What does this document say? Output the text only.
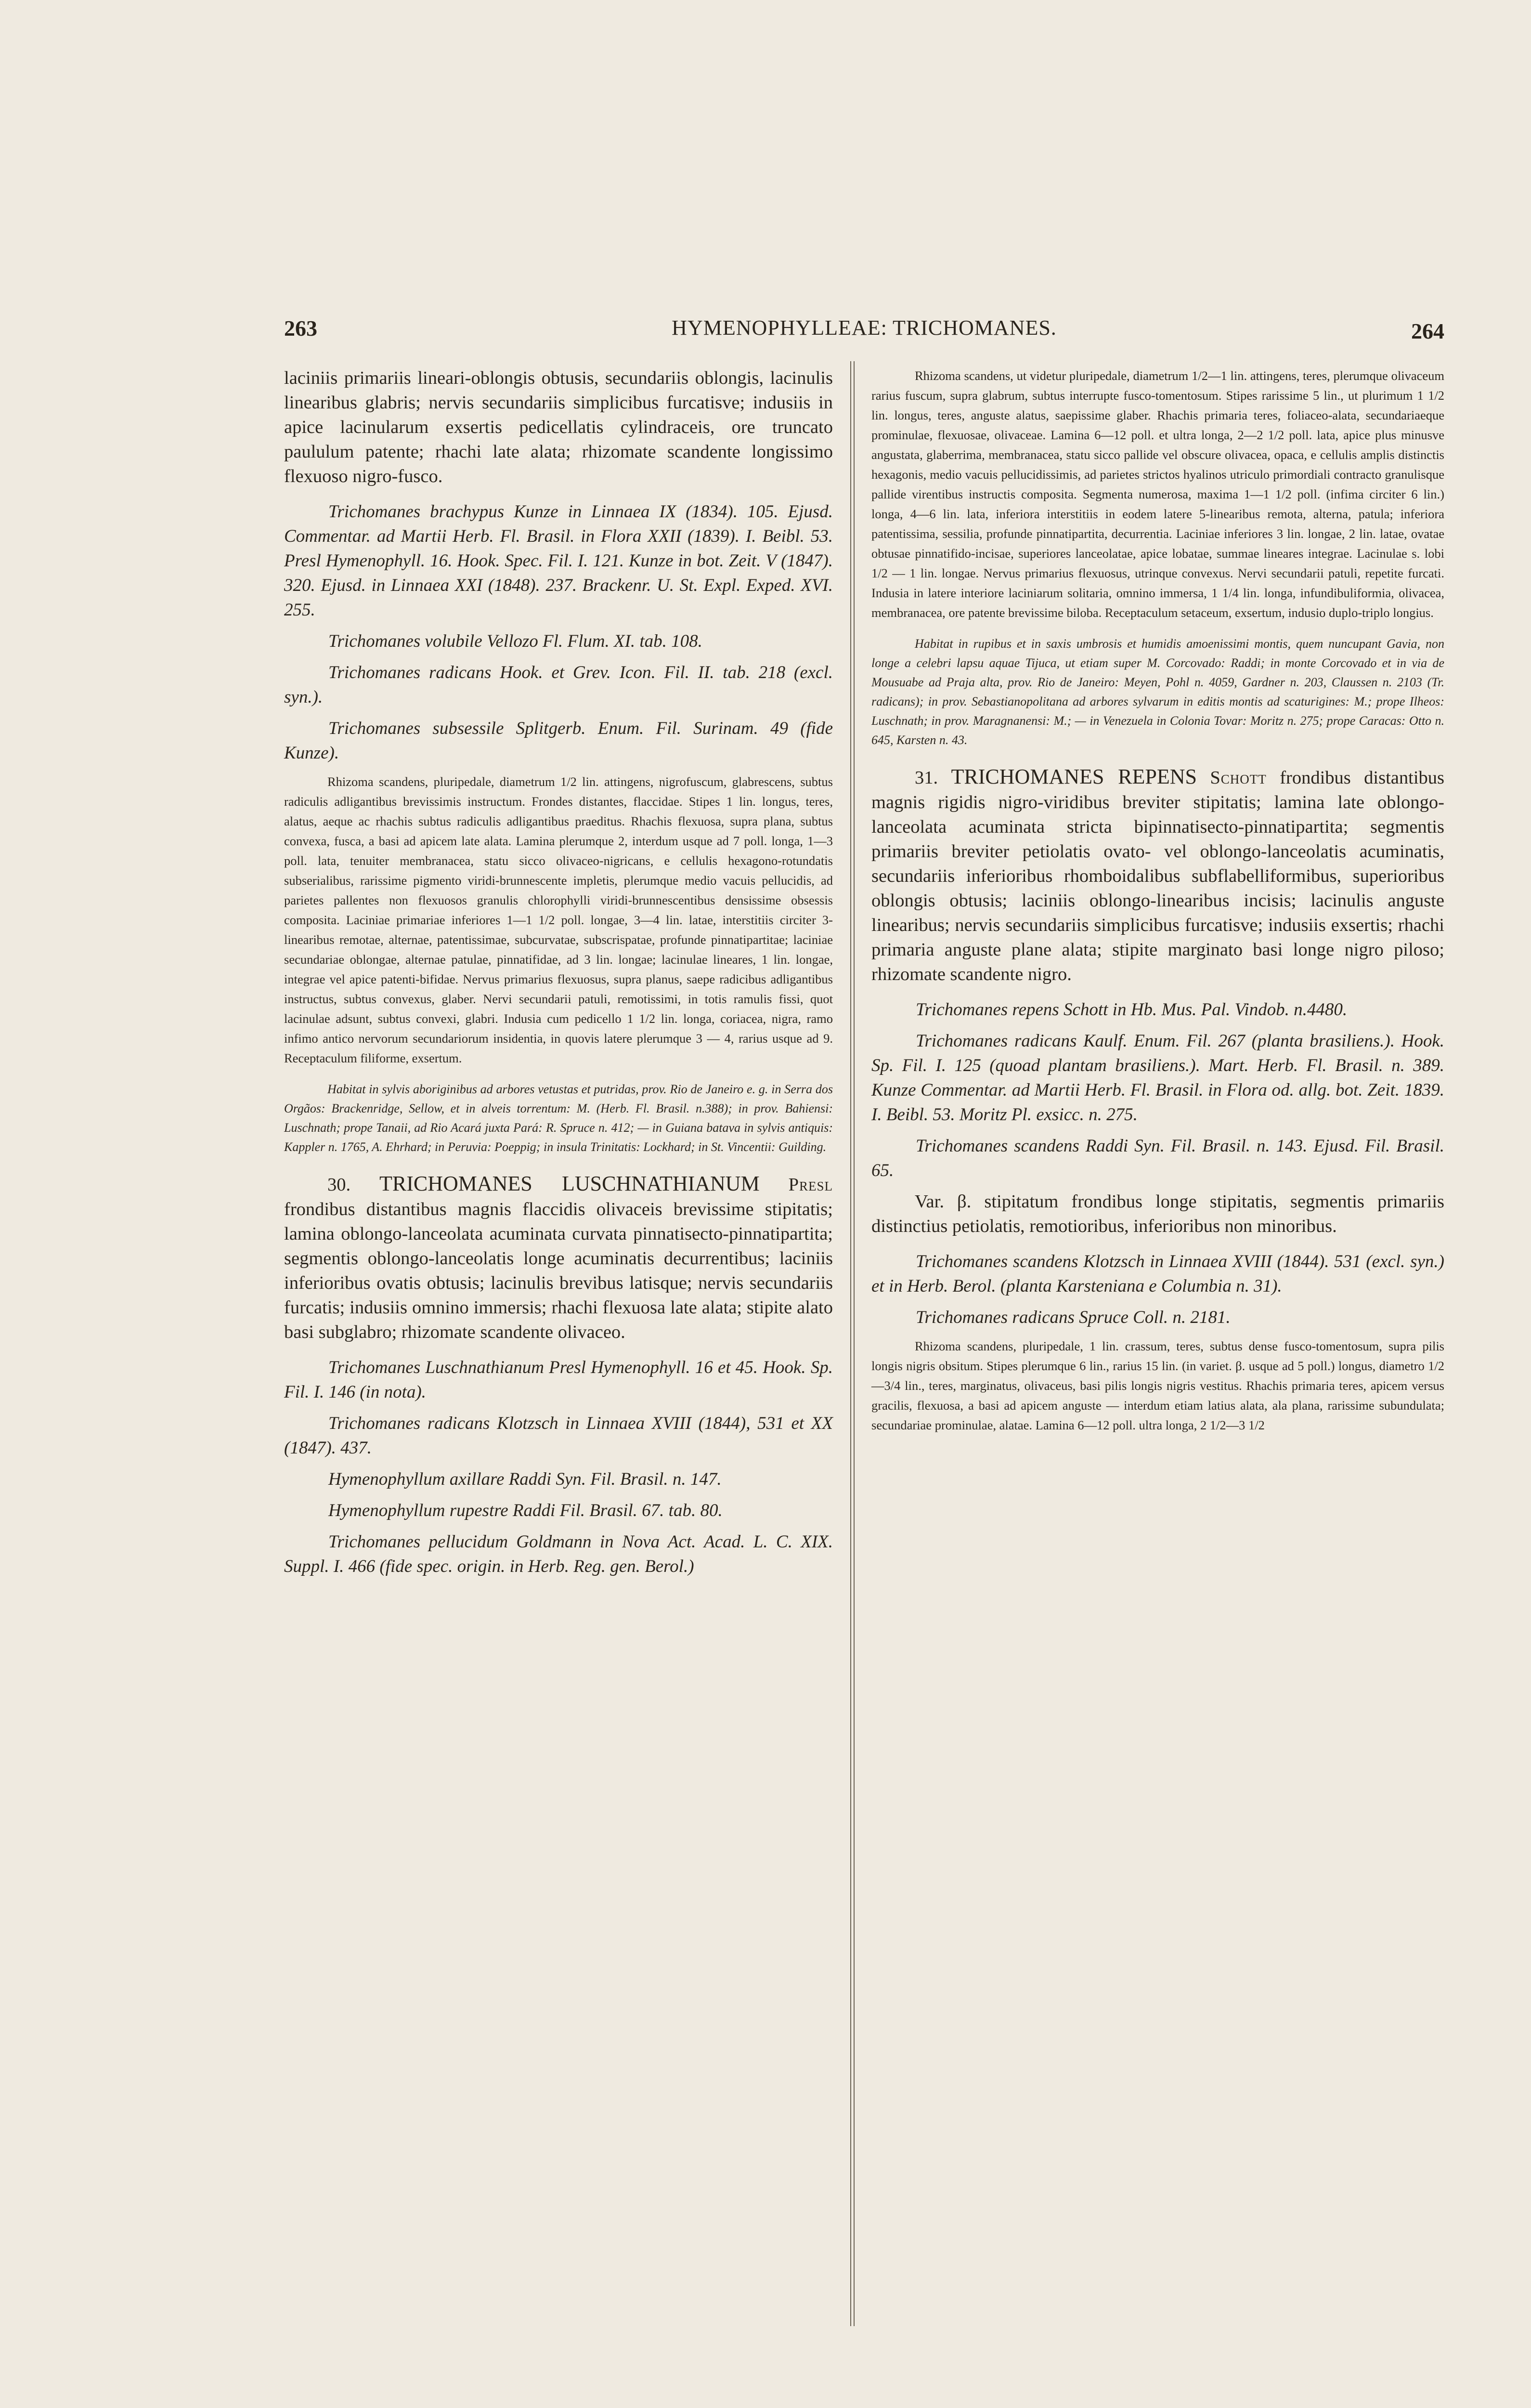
263	HYMENOPHYLLEAE: TRICHOMANES.	264

laciniis primariis lineari-oblongis obtusis, secundariis oblongis, lacinulis linearibus glabris; nervis secundariis simplicibus furcatisve; indusiis in apice lacinularum exsertis pedicellatis cylindraceis, ore truncato paululum patente; rhachi late alata; rhizomate scandente longissimo flexuoso nigro-fusco.

Trichomanes brachypus Kunze in Linnaea IX (1834). 105. Ejusd. Commentar. ad Martii Herb. Fl. Brasil. in Flora XXII (1839). I. Beibl. 53. Presl Hymenophyll. 16. Hook. Spec. Fil. I. 121. Kunze in bot. Zeit. V (1847). 320. Ejusd. in Linnaea XXI (1848). 237. Brackenr. U. St. Expl. Exped. XVI. 255.

Trichomanes volubile Vellozo Fl. Flum. XI. tab. 108.

Trichomanes radicans Hook. et Grev. Icon. Fil. II. tab. 218 (excl. syn.).

Trichomanes subsessile Splitgerb. Enum. Fil. Surinam. 49 (fide Kunze).

Rhizoma scandens, pluripedale, diametrum 1/2 lin. attingens, nigrofuscum, glabrescens, subtus radiculis adligantibus brevissimis instructum. Frondes distantes, flaccidae. Stipes 1 lin. longus, teres, alatus, aeque ac rhachis subtus radiculis adligantibus praeditus. Rhachis flexuosa, supra plana, subtus convexa, fusca, a basi ad apicem late alata. Lamina plerumque 2, interdum usque ad 7 poll. longa, 1—3 poll. lata, tenuiter membranacea, statu sicco olivaceo-nigricans, e cellulis hexagono-rotundatis subserialibus, rarissime pigmento viridi-brunnescente impletis, plerumque medio vacuis pellucidis, ad parietes pallentes non flexuosos granulis chlorophylli viridi-brunnescentibus densissime obsessis composita. Laciniae primariae inferiores 1—1 1/2 poll. longae, 3—4 lin. latae, interstitiis circiter 3-linearibus remotae, alternae, patentissimae, subcurvatae, subscrispatae, profunde pinnatipartitae; laciniae secundariae oblongae, alternae patulae, pinnatifidae, ad 3 lin. longae; lacinulae lineares, 1 lin. longae, integrae vel apice patenti-bifidae. Nervus primarius flexuosus, supra planus, saepe radicibus adligantibus instructus, subtus convexus, glaber. Nervi secundarii patuli, remotissimi, in totis ramulis fissi, quot lacinulae adsunt, subtus convexi, glabri. Indusia cum pedicello 1 1/2 lin. longa, coriacea, nigra, ramo infimo antico nervorum secundariorum insidentia, in quovis latere plerumque 3 — 4, rarius usque ad 9. Receptaculum filiforme, exsertum.

Habitat in sylvis aboriginibus ad arbores vetustas et putridas, prov. Rio de Janeiro e. g. in Serra dos Orgãos: Brackenridge, Sellow, et in alveis torrentum: M. (Herb. Fl. Brasil. n.388); in prov. Bahiensi: Luschnath; prope Tanaii, ad Rio Acará juxta Pará: R. Spruce n. 412; — in Guiana batava in sylvis antiquis: Kappler n. 1765, A. Ehrhard; in Peruvia: Poeppig; in insula Trinitatis: Lockhard; in St. Vincentii: Guilding.

30. TRICHOMANES LUSCHNATHIANUM Presl frondibus distantibus magnis flaccidis olivaceis brevissime stipitatis; lamina oblongo-lanceolata acuminata curvata pinnatisecto-pinnatipartita; segmentis oblongo-lanceolatis longe acuminatis decurrentibus; laciniis inferioribus ovatis obtusis; lacinulis brevibus latisque; nervis secundariis furcatis; indusiis omnino immersis; rhachi flexuosa late alata; stipite alato basi subglabro; rhizomate scandente olivaceo.

Trichomanes Luschnathianum Presl Hymenophyll. 16 et 45. Hook. Sp. Fil. I. 146 (in nota).

Trichomanes radicans Klotzsch in Linnaea XVIII (1844), 531 et XX (1847). 437.

Hymenophyllum axillare Raddi Syn. Fil. Brasil. n. 147.

Hymenophyllum rupestre Raddi Fil. Brasil. 67. tab. 80.

Trichomanes pellucidum Goldmann in Nova Act. Acad. L. C. XIX. Suppl. I. 466 (fide spec. origin. in Herb. Reg. gen. Berol.)

Rhizoma scandens, ut videtur pluripedale, diametrum 1/2—1 lin. attingens, teres, plerumque olivaceum rarius fuscum, supra glabrum, subtus interrupte fusco-tomentosum. Stipes rarissime 5 lin., ut plurimum 1 1/2 lin. longus, teres, anguste alatus, saepissime glaber. Rhachis primaria teres, foliaceo-alata, secundariaeque prominulae, flexuosae, olivaceae. Lamina 6—12 poll. et ultra longa, 2—2 1/2 poll. lata, apice plus minusve angustata, glaberrima, membranacea, statu sicco pallide vel obscure olivacea, opaca, e cellulis amplis distinctis hexagonis, medio vacuis pellucidissimis, ad parietes strictos hyalinos utriculo primordiali contracto granulisque pallide virentibus instructis composita. Segmenta numerosa, maxima 1—1 1/2 poll. (infima circiter 6 lin.) longa, 4—6 lin. lata, inferiora interstitiis in eodem latere 5-linearibus remota, alterna, patula; inferiora patentissima, sessilia, profunde pinnatipartita, decurrentia. Laciniae inferiores 3 lin. longae, 2 lin. latae, ovatae obtusae pinnatifido-incisae, superiores lanceolatae, apice lobatae, summae lineares integrae. Lacinulae s. lobi 1/2 — 1 lin. longae. Nervus primarius flexuosus, utrinque convexus. Nervi secundarii patuli, repetite furcati. Indusia in latere interiore laciniarum solitaria, omnino immersa, 1 1/4 lin. longa, infundibuliformia, olivacea, membranacea, ore patente brevissime biloba. Receptaculum setaceum, exsertum, indusio duplo-triplo longius.

Habitat in rupibus et in saxis umbrosis et humidis amoenissimi montis, quem nuncupant Gavia, non longe a celebri lapsu aquae Tijuca, ut etiam super M. Corcovado: Raddi; in monte Corcovado et in via de Mousuabe ad Praja alta, prov. Rio de Janeiro: Meyen, Pohl n. 4059, Gardner n. 203, Claussen n. 2103 (Tr. radicans); in prov. Sebastianopolitana ad arbores sylvarum in editis montis ad scaturigines: M.; prope Ilheos: Luschnath; in prov. Maragnanensi: M.; — in Venezuela in Colonia Tovar: Moritz n. 275; prope Caracas: Otto n. 645, Karsten n. 43.

31. TRICHOMANES REPENS Schott frondibus distantibus magnis rigidis nigro-viridibus breviter stipitatis; lamina late oblongo-lanceolata acuminata stricta bipinnatisecto-pinnatipartita; segmentis primariis breviter petiolatis ovato- vel oblongo-lanceolatis acuminatis, secundariis inferioribus rhomboidalibus subflabelliformibus, superioribus oblongis obtusis; laciniis oblongo-linearibus incisis; lacinulis anguste linearibus; nervis secundariis simplicibus furcatisve; indusiis exsertis; rhachi primaria anguste plane alata; stipite marginato basi longe nigro piloso; rhizomate scandente nigro.

Trichomanes repens Schott in Hb. Mus. Pal. Vindob. n.4480.

Trichomanes radicans Kaulf. Enum. Fil. 267 (planta brasiliens.). Hook. Sp. Fil. I. 125 (quoad plantam brasiliens.). Mart. Herb. Fl. Brasil. n. 389. Kunze Commentar. ad Martii Herb. Fl. Brasil. in Flora od. allg. bot. Zeit. 1839. I. Beibl. 53. Moritz Pl. exsicc. n. 275.

Trichomanes scandens Raddi Syn. Fil. Brasil. n. 143. Ejusd. Fil. Brasil. 65.

Var. β. stipitatum frondibus longe stipitatis, segmentis primariis distinctius petiolatis, remotioribus, inferioribus non minoribus.

Trichomanes scandens Klotzsch in Linnaea XVIII (1844). 531 (excl. syn.) et in Herb. Berol. (planta Karsteniana e Columbia n. 31).

Trichomanes radicans Spruce Coll. n. 2181.

Rhizoma scandens, pluripedale, 1 lin. crassum, teres, subtus dense fusco-tomentosum, supra pilis longis nigris obsitum. Stipes plerumque 6 lin., rarius 15 lin. (in variet. β. usque ad 5 poll.) longus, diametro 1/2—3/4 lin., teres, marginatus, olivaceus, basi pilis longis nigris vestitus. Rhachis primaria teres, apicem versus gracilis, flexuosa, a basi ad apicem anguste — interdum etiam latius alata, ala plana, rarissime subundulata; secundariae prominulae, alatae. Lamina 6—12 poll. ultra longa, 2 1/2—3 1/2
